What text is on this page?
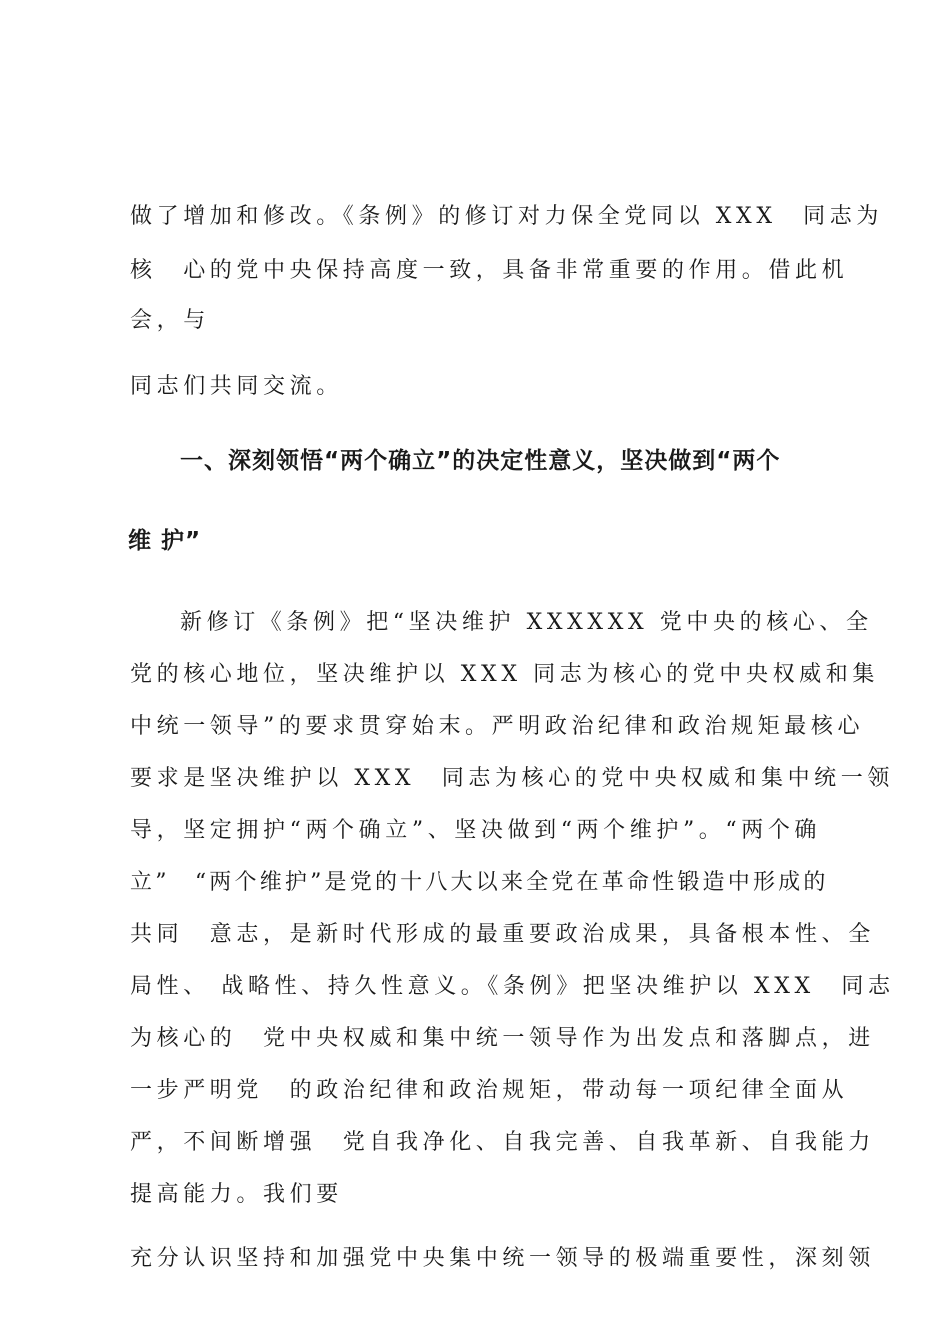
做了增加和修改。《条例》的修订对力保全党同以 XXX　同志为
核　心的党中央保持高度一致，具备非常重要的作用。借此机
会，与
同志们共同交流。
一、深刻领悟“两个确立”的决定性意义，坚决做到“两个
维 护”
新修订《条例》把“坚决维护 XXXXXX 党中央的核心、全
党的核心地位，坚决维护以 XXX 同志为核心的党中央权威和集
中统一领导”的要求贯穿始末。严明政治纪律和政治规矩最核心
要求是坚决维护以 XXX　同志为核心的党中央权威和集中统一领
导，坚定拥护“两个确立”、坚决做到“两个维护”。“两个确
立”　“两个维护”是党的十八大以来全党在革命性锻造中形成的
共同　意志，是新时代形成的最重要政治成果，具备根本性、全
局性、 战略性、持久性意义。《条例》把坚决维护以 XXX　同志
为核心的　党中央权威和集中统一领导作为出发点和落脚点，进
一步严明党　的政治纪律和政治规矩，带动每一项纪律全面从
严，不间断增强　党自我净化、自我完善、自我革新、自我能力
提高能力。我们要
充分认识坚持和加强党中央集中统一领导的极端重要性，深刻领
